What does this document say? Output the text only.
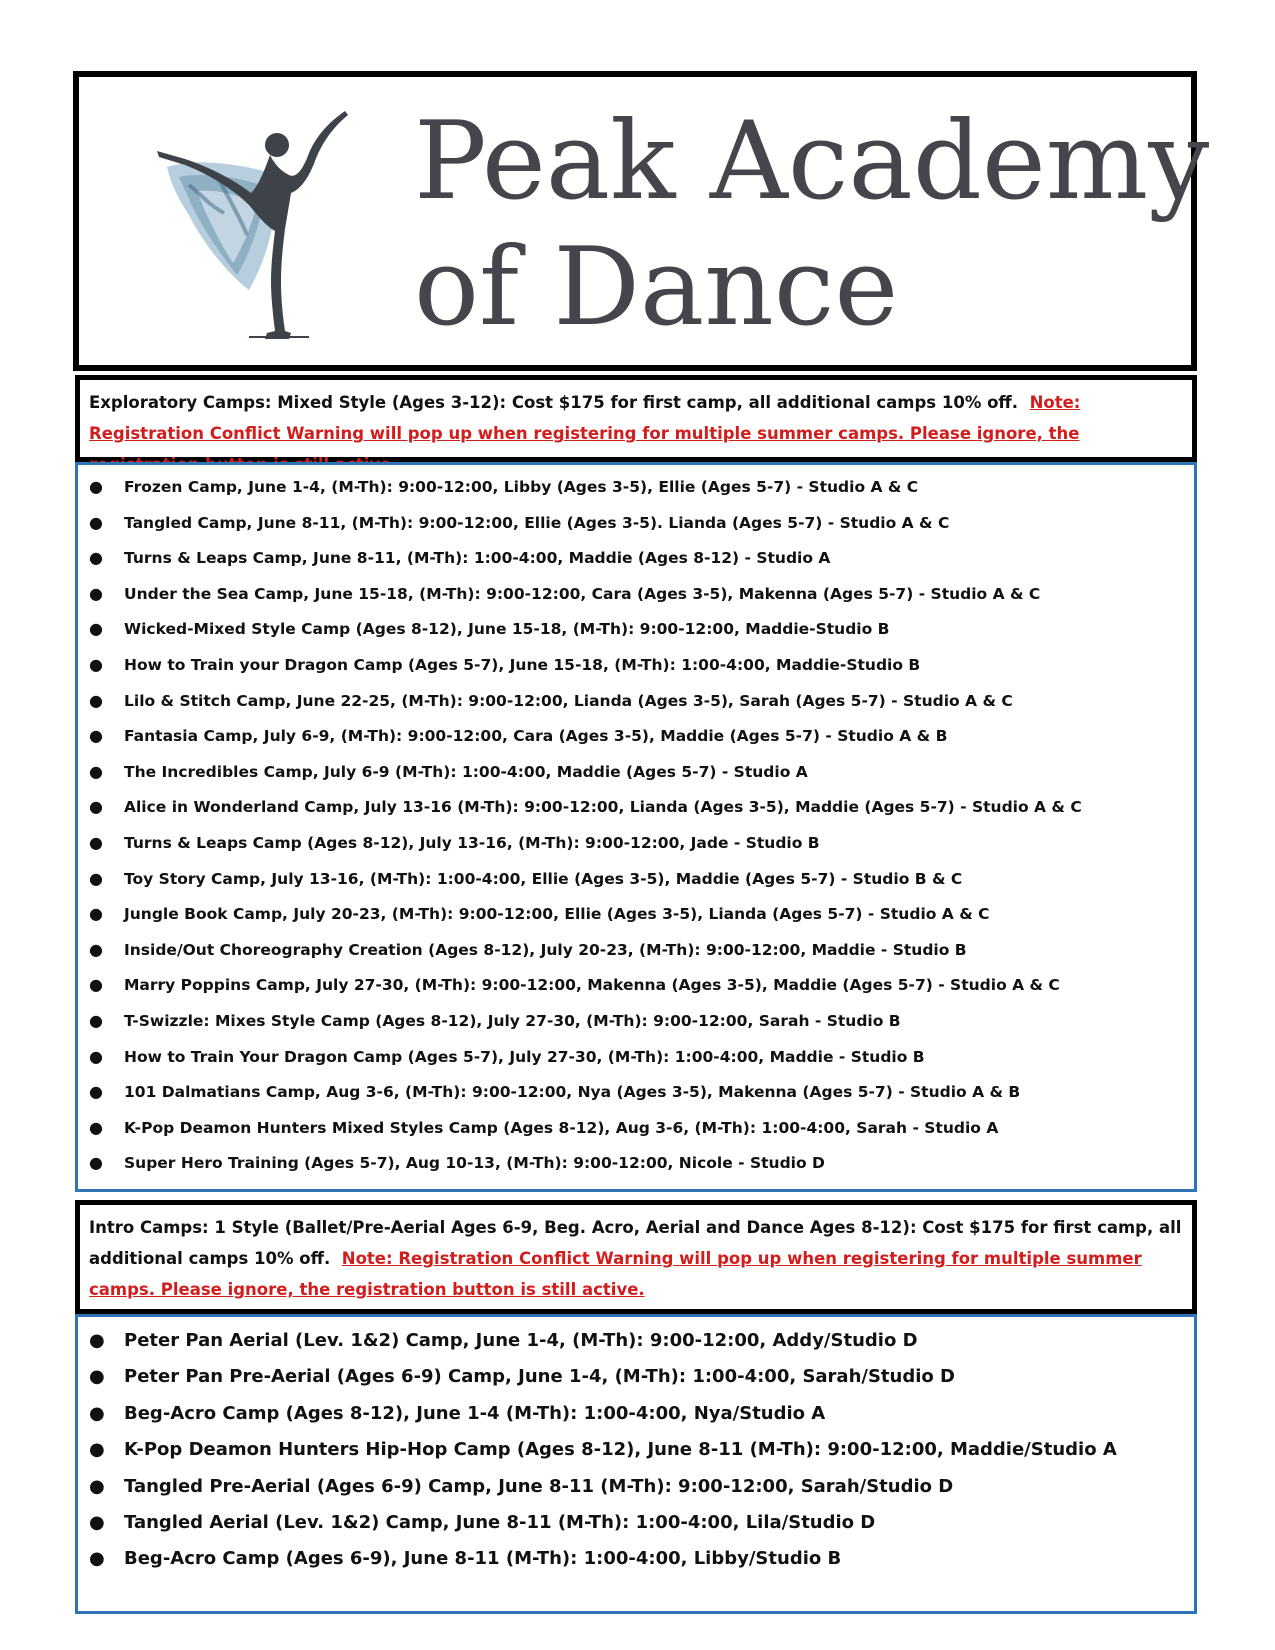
Peak Academy
of Dance
Exploratory Camps: Mixed Style (Ages 3-12): Cost $175 for first camp, all additional camps 10% off. Note: Registration Conflict Warning will pop up when registering for multiple summer camps. Please ignore, the
● Frozen Camp, June 1-4, (M-Th): 9:00-12:00, Libby (Ages 3-5), Ellie (Ages 5-7) - Studio A & C
● Tangled Camp, June 8-11, (M-Th): 9:00-12:00, Ellie (Ages 3-5). Lianda (Ages 5-7) - Studio A & C
● Turns & Leaps Camp, June 8-11, (M-Th): 1:00-4:00, Maddie (Ages 8-12) - Studio A
● Under the Sea Camp, June 15-18, (M-Th): 9:00-12:00, Cara (Ages 3-5), Makenna (Ages 5-7) - Studio A & C
● Wicked-Mixed Style Camp (Ages 8-12), June 15-18, (M-Th): 9:00-12:00, Maddie-Studio B
● How to Train your Dragon Camp (Ages 5-7), June 15-18, (M-Th): 1:00-4:00, Maddie-Studio B
● Lilo & Stitch Camp, June 22-25, (M-Th): 9:00-12:00, Lianda (Ages 3-5), Sarah (Ages 5-7) - Studio A & C
● Fantasia Camp, July 6-9, (M-Th): 9:00-12:00, Cara (Ages 3-5), Maddie (Ages 5-7) - Studio A & B
● The Incredibles Camp, July 6-9 (M-Th): 1:00-4:00, Maddie (Ages 5-7) - Studio A
● Alice in Wonderland Camp, July 13-16 (M-Th): 9:00-12:00, Lianda (Ages 3-5), Maddie (Ages 5-7) - Studio A & C
● Turns & Leaps Camp (Ages 8-12), July 13-16, (M-Th): 9:00-12:00, Jade - Studio B
● Toy Story Camp, July 13-16, (M-Th): 1:00-4:00, Ellie (Ages 3-5), Maddie (Ages 5-7) - Studio B & C
● Jungle Book Camp, July 20-23, (M-Th): 9:00-12:00, Ellie (Ages 3-5), Lianda (Ages 5-7) - Studio A & C
● Inside/Out Choreography Creation (Ages 8-12), July 20-23, (M-Th): 9:00-12:00, Maddie - Studio B
● Marry Poppins Camp, July 27-30, (M-Th): 9:00-12:00, Makenna (Ages 3-5), Maddie (Ages 5-7) - Studio A & C
● T-Swizzle: Mixes Style Camp (Ages 8-12), July 27-30, (M-Th): 9:00-12:00, Sarah - Studio B
● How to Train Your Dragon Camp (Ages 5-7), July 27-30, (M-Th): 1:00-4:00, Maddie - Studio B
● 101 Dalmatians Camp, Aug 3-6, (M-Th): 9:00-12:00, Nya (Ages 3-5), Makenna (Ages 5-7) - Studio A & B
● K-Pop Deamon Hunters Mixed Styles Camp (Ages 8-12), Aug 3-6, (M-Th): 1:00-4:00, Sarah - Studio A
● Super Hero Training (Ages 5-7), Aug 10-13, (M-Th): 9:00-12:00, Nicole - Studio D
Intro Camps: 1 Style (Ballet/Pre-Aerial Ages 6-9, Beg. Acro, Aerial and Dance Ages 8-12): Cost $175 for first camp, all additional camps 10% off. Note: Registration Conflict Warning will pop up when registering for multiple summer camps. Please ignore, the registration button is still active.
● Peter Pan Aerial (Lev. 1&2) Camp, June 1-4, (M-Th): 9:00-12:00, Addy/Studio D
● Peter Pan Pre-Aerial (Ages 6-9) Camp, June 1-4, (M-Th): 1:00-4:00, Sarah/Studio D
● Beg-Acro Camp (Ages 8-12), June 1-4 (M-Th): 1:00-4:00, Nya/Studio A
● K-Pop Deamon Hunters Hip-Hop Camp (Ages 8-12), June 8-11 (M-Th): 9:00-12:00, Maddie/Studio A
● Tangled Pre-Aerial (Ages 6-9) Camp, June 8-11 (M-Th): 9:00-12:00, Sarah/Studio D
● Tangled Aerial (Lev. 1&2) Camp, June 8-11 (M-Th): 1:00-4:00, Lila/Studio D
● Beg-Acro Camp (Ages 6-9), June 8-11 (M-Th): 1:00-4:00, Libby/Studio B
